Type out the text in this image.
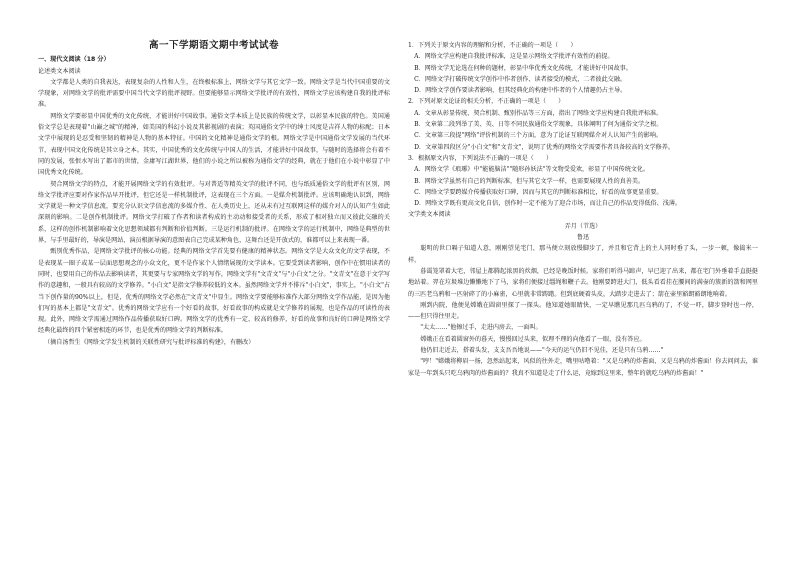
高一下学期语文期中考试试卷

一、现代文阅读（18 分）

论述类文本阅读

文学都是人类的自我表达，表现复杂的人性和人生，在终极标准上，网络文学与其它文学一致。网络文学是当代中国重要的文学现象，对网络文学的批评需要中国当代文学的批评视野。但要能够显示网络文学批评的有效性，网络文学应该构建自我的批评标准。

网络文学要彰显中国优秀的文化传统，才能讲好中国故事。通俗文学本质上是民族的传统文学，以彰显本民族的特色。美国通俗文学总是表现着"山巅之城"的精神，如美国的科幻小说及其影视剧的表演；英国通俗文学中的绅士风度是吉祥人物的标配；日本文学中展现的是忍受和坚韧的精神是人物的基本特征。中国的文化精神是通俗文学的根。网络文学是中国通俗文学发展的当代环节，表现中国文化传统是其立身之本。其实，中国优秀的文化传统与中国人的生活，才能讲好中国故事，与随时的选择将会有着不同的发展，张恨水写出了都市的世情，金庸写江湖世界，他们的小说之所以被称为通俗文学的经典，就在于他们在小说中彰显了中国优秀文化传统。

契合网络文学的特点，才能开展网络文学的有效批评。与对普适等精英文学的批评不同，也与纸质通俗文学的批评有区别，网络文学批评应要对作家作品早开批评，但它还是一样机制批评，这表现在三个方面。一是媒介机制批评。应该明确地认识到，网络文学就是一种文学信息流，要充分认识文学信息流的多媒介性、在人类历史上，还从未有过互联网这样的媒介对人的认知产生如此深刻的影响。二是创作机制批评。网络文学打破了作者和读者构成的主动动和接受者的关系，形成了相对独立而又彼此交融的关系，这样的创作机制影响着文化思想领域都有判断和价值判断。三是运行机制的批评。在网络文学的运行机制中，网络是典型的世界，与手里最好的，导演是网站，演员根据导演的意图表自己完成某种角色，这舞台还是开放式的，谁都可以上来表现一番。

甄别优秀作品，是网络文学批评的核心功能。经典的网络文学首先要有健康的精神状态。网络文学是大众文化的文学表现，不是表现某一圈子或某一层面思想观念的小众文化，更不是作家个人情绪展现的文学读本。它要受到读者影响，创作中在惯用读者的同时，也要用自己的作品去影响读者，其更要与专家网络文学的写作，网络文学有"文青文"与"小白文"之分。"文青文"在意于文学写作的意趣和，一般具有较高的文学修养。"小白文"是指文学修养较低的文本。虽然网络文学并不排斥"小白文"，事实上，"小白文"占当下创作量的90%以上，但是，优秀的网络文学必然在"文青文"中显生。网络文学要能够标准作大部分网络文学作品能，是因为他们写的基本上都是"文青文"。优秀的网络文学应有一个好看的故事，好看故事的构成就是文学修养的展现，也是作品的可读性的表现。此外，网络文学需通过网络作品传播获取好口碑。网络文学的优秀有一定、较高的修养，好看的故事和良好的口碑是网络文学经典化最终的四个紧密相连的环节，也是优秀的网络文学的判断标准。

（摘自汤哲生《网络文学发生机制的关联性研究与批评标准的构建》，有删改）

1．下列关于原文内容的理解和分析，不正确的一项是（　　）

A．网络文学应构建自我批评标准，这是显示网络文学批评有效性的前提。

B．网络文学无论选在何种的题材，彰显中华优秀文化传统，才能讲好中国故事。

C．网络文学打破传统文学创作中作者创作、读者接受的模式，二者彼此交融。

D．网络文学创作要读者影响，但其经典化的构建中作者的个人情趣仍占主导。

2．下列对原文论证的相关分析，不正确的一项是（　　）

A．文章从彰显传统、契合机制、甄别作品等三方面，指出了网络文学应构建自我批评标准。

B．文章第二段列举了美、英、日等不同民族通俗文学现象，具体阐明了何为通俗文学之根。

C．文章第三段提"网络"评价机制的三个方面，意为了论证互联网媒介对人认知产生的影响。

D．文章第四段区分"小白文"和"文青文"，说明了优秀的网络文学需要作者具备较高的文学修养。

3．根据原文内容，下列说法不正确的一项是（　　）

A．网络文学《琅琊》中"能能脑洁""随形孙妖法"等文物受爱欢，彰显了中国传统文化。

B．网络文学虽然有自己的判断标准，但与其它文学一样，也需要展现人性的真善美。

C．网络文学要跨媒介传播获取好口碑，因而与其它的判断标准相比，好看的故事更显重要。

D．网络文学既有更高文化自信，创作时一定不能为了迎合市场，而让自己的作品变得低俗、浅薄。

文学类文本阅读

弄月（节选）

鲁迅

聪明的世口嗝子知道人意，刚刚望见宅门，那马便立刻放慢脚步了，并且和它背上的主人同时垂了头，一步一顿，像捣米一样。

暮霭笼罩着大宅，邻屋上都腾起浓黑的炊烟，已经是晚饭时候。家将们听得马蹄声，早已迎了出来，都在宅门外垂着手直挺挺地站着。羿在垃圾堆边懒懒地下了马，家将们便接过缰绳和鞭子去。他刚要跨进大门，低头看看挂在腰间的满壶的簇新的箭和网里的三匹老乌鸦和一匹射碎了的小麻雀，心里就非常踌躇。但到底硬着头皮，大踏步走进去了；箭在壶里豁朗豁朗地响着。

刚到内院，他便见嫦娥在圆窗里探了一探头。他知道她眼睛快，一定早瞧见那几匹乌鸦的了，不觉一吓，脚步登时也一停，——但只得往里走。

"太太……"他擦过手，走进内房去，一面叫。

嫦娥正在看着圆窗外的暮天，慢慢回过头来，似理不理的向他看了一眼，没有答应。

他仍旧走近去，搭着头发，支支吾吾地说——"今天的运气仍旧不见佳，还是只有乌鸦……"

"哼！"嫦娥将柳眉一扬，忽然站起来，风似的往外走，嘴里咕噜着："又是乌鸦的炸酱面，又是乌鸦的炸酱面！你去问问去，谁家是一年到头只吃乌鸦肉的炸酱面的？我真不知道是走了什么运，竟嫁到这里来，整年的就吃乌鸦的炸酱面！"
